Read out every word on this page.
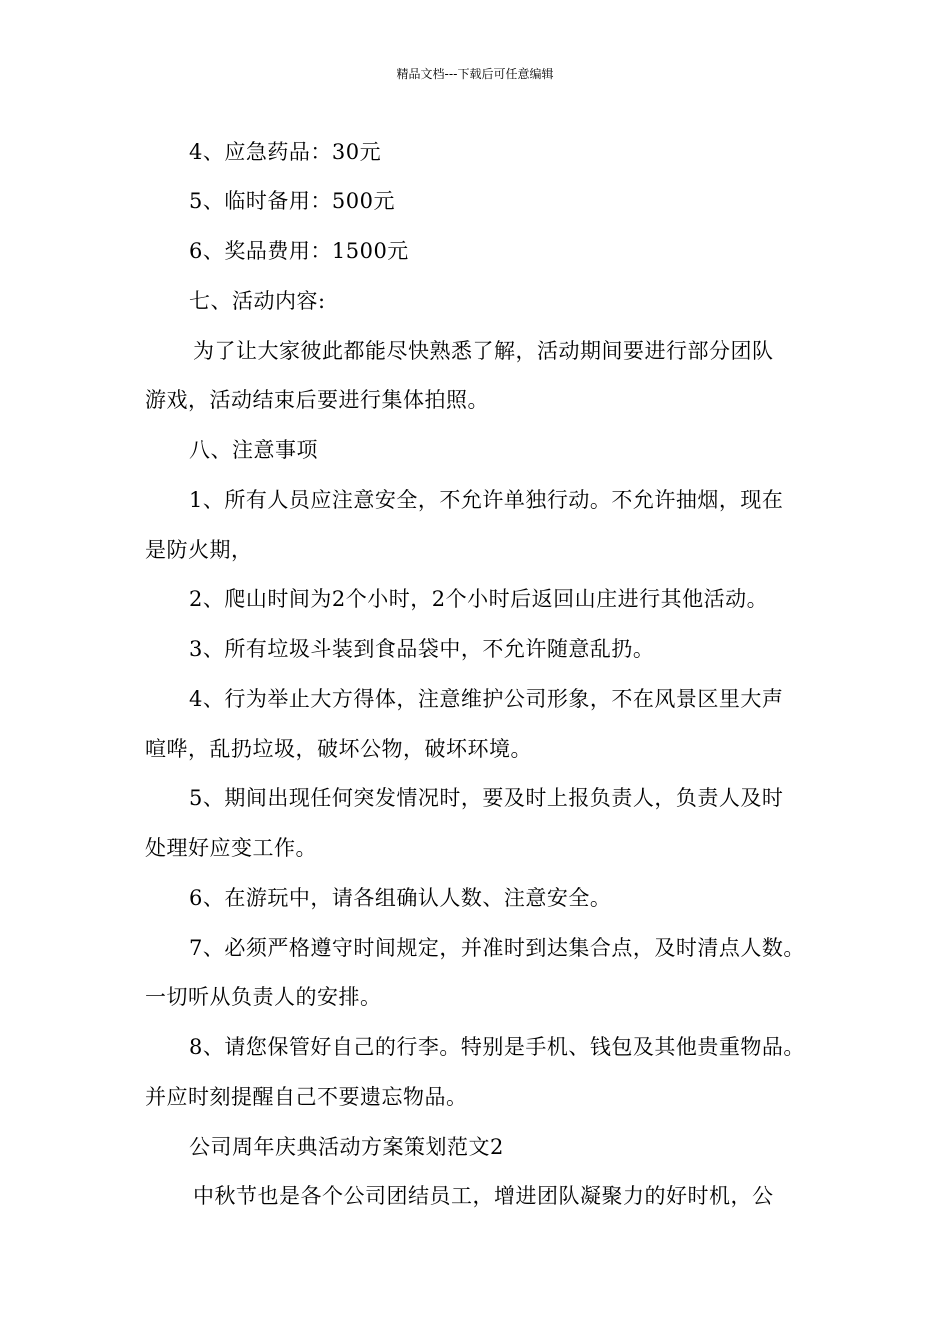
精品文档---下载后可任意编辑
4、应急药品：30元
5、临时备用：500元
6、奖品费用：1500元
七、活动内容:
为了让大家彼此都能尽快熟悉了解，活动期间要进行部分团队
游戏，活动结束后要进行集体拍照。
八、注意事项
1、所有人员应注意安全，不允许单独行动。不允许抽烟，现在
是防火期，
2、爬山时间为2个小时，2个小时后返回山庄进行其他活动。
3、所有垃圾斗装到食品袋中，不允许随意乱扔。
4、行为举止大方得体，注意维护公司形象，不在风景区里大声
喧哗，乱扔垃圾，破坏公物，破坏环境。
5、期间出现任何突发情况时，要及时上报负责人，负责人及时
处理好应变工作。
6、在游玩中，请各组确认人数、注意安全。
7、必须严格遵守时间规定，并准时到达集合点，及时清点人数。
一切听从负责人的安排。
8、请您保管好自己的行李。特别是手机、钱包及其他贵重物品。
并应时刻提醒自己不要遗忘物品。
公司周年庆典活动方案策划范文2
中秋节也是各个公司团结员工，增进团队凝聚力的好时机，公
